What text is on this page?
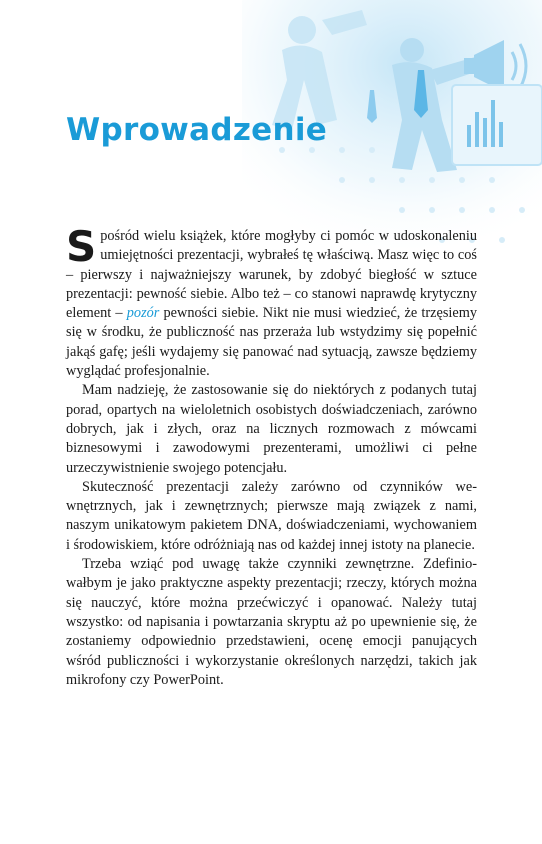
Wprowadzenie

Spośród wielu książek, które mogłyby ci pomóc w udoskonaleniu umiejętności prezentacji, wybrałeś tę właściwą. Masz więc to coś – pierwszy i najważniejszy warunek, by zdobyć biegłość w sztuce prezentacji: pewność siebie. Albo też – co stanowi naprawdę krytyczny element – pozór pewności siebie. Nikt nie musi wiedzieć, że trzęsiemy się w środku, że publiczność nas przeraża lub wstydzimy się popełnić jakąś gafę; jeśli wydajemy się panować nad sytuacją, zawsze będziemy wyglądać profesjonalnie.

Mam nadzieję, że zastosowanie się do niektórych z podanych tutaj porad, opartych na wieloletnich osobistych doświadczeniach, zarówno dobrych, jak i złych, oraz na licznych rozmowach z mówcami biznesowymi i zawodowymi prezenterami, umożliwi ci pełne urzeczywistnienie swojego potencjału.

Skuteczność prezentacji zależy zarówno od czynników wewnętrznych, jak i zewnętrznych; pierwsze mają związek z nami, naszym unikatowym pakietem DNA, doświadczeniami, wychowaniem i środowiskiem, które odróżniają nas od każdej innej istoty na planecie.

Trzeba wziąć pod uwagę także czynniki zewnętrzne. Zdefiniowałbym je jako praktyczne aspekty prezentacji; rzeczy, których można się nauczyć, które można przećwiczyć i opanować. Należy tutaj wszystko: od napisania i powtarzania skryptu aż po upewnienie się, że zostaniemy odpowiednio przedstawieni, ocenę emocji panujących wśród publiczności i wykorzystanie określonych narzędzi, takich jak mikrofony czy PowerPoint.
